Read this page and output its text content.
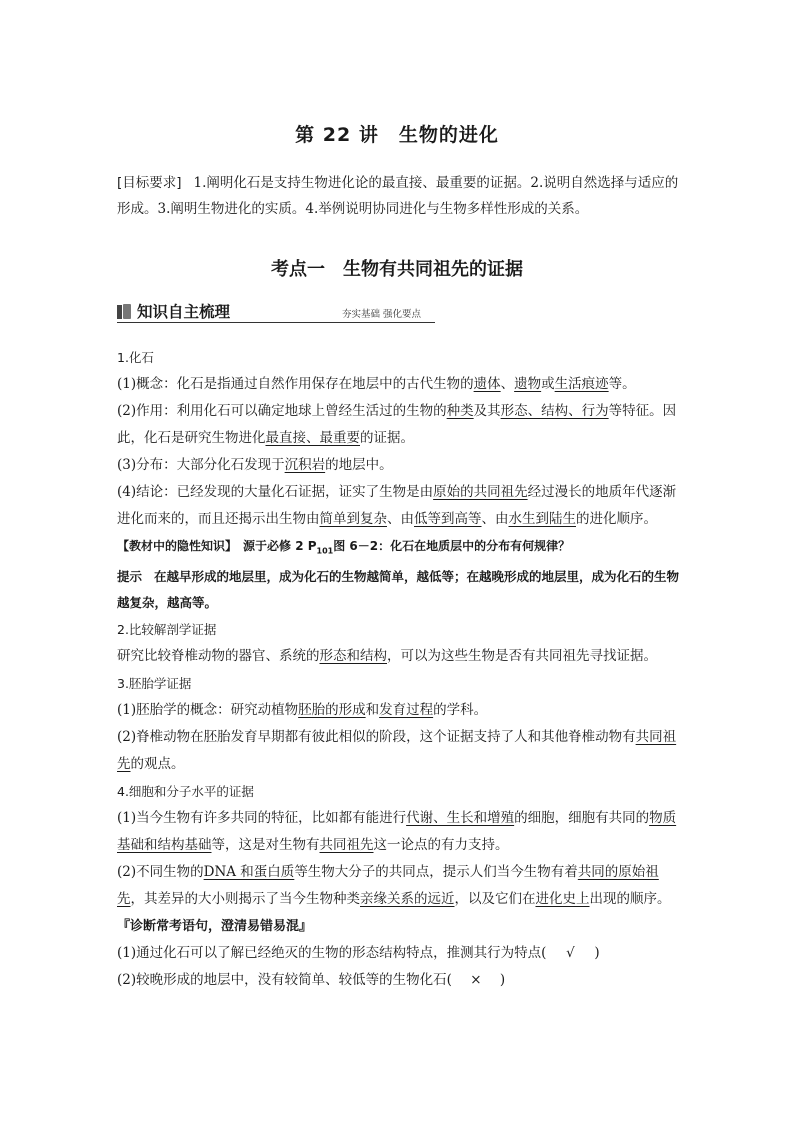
第 22 讲　生物的进化
[目标要求] 1.阐明化石是支持生物进化论的最直接、最重要的证据。2.说明自然选择与适应的形成。3.阐明生物进化的实质。4.举例说明协同进化与生物多样性形成的关系。
考点一 生物有共同祖先的证据
知识自主梳理	夯实基础 强化要点

1.化石

(1)概念：化石是指通过自然作用保存在地层中的古代生物的遗体、遗物或生活痕迹等。

(2)作用：利用化石可以确定地球上曾经生活过的生物的种类及其形态、结构、行为等特征。因此，化石是研究生物进化最直接、最重要的证据。

(3)分布：大部分化石发现于沉积岩的地层中。

(4)结论：已经发现的大量化石证据，证实了生物是由原始的共同祖先经过漫长的地质年代逐渐进化而来的，而且还揭示出生物由简单到复杂、由低等到高等、由水生到陆生的进化顺序。

【教材中的隐性知识】　 源于必修 2 $P_{101}$图 6－2：化石在地质层中的分布有何规律？

提示 在越早形成的地层里，成为化石的生物越简单，越低等；在越晚形成的地层里，成为化石的生物越复杂，越高等。

2.比较解剖学证据

研究比较脊椎动物的器官、系统的形态和结构，可以为这些生物是否有共同祖先寻找证据。

3.胚胎学证据

(1)胚胎学的概念：研究动植物胚胎的形成和发育过程的学科。

(2)脊椎动物在胚胎发育早期都有彼此相似的阶段，这个证据支持了人和其他脊椎动物有共同祖先的观点。

4.细胞和分子水平的证据

(1)当今生物有许多共同的特征，比如都有能进行代谢、生长和增殖的细胞，细胞有共同的物质基础和结构基础等，这是对生物有共同祖先这一论点的有力支持。

(2)不同生物的DNA 和蛋白质等生物大分子的共同点，提示人们当今生物有着共同的原始祖先，其差异的大小则揭示了当今生物种类亲缘关系的远近，以及它们在进化史上出现的顺序。

『诊断常考语句，澄清易错易混』

(1)通过化石可以了解已经绝灭的生物的形态结构特点，推测其行为特点( √ )

(2)较晚形成的地层中，没有较简单、较低等的生物化石( × )
